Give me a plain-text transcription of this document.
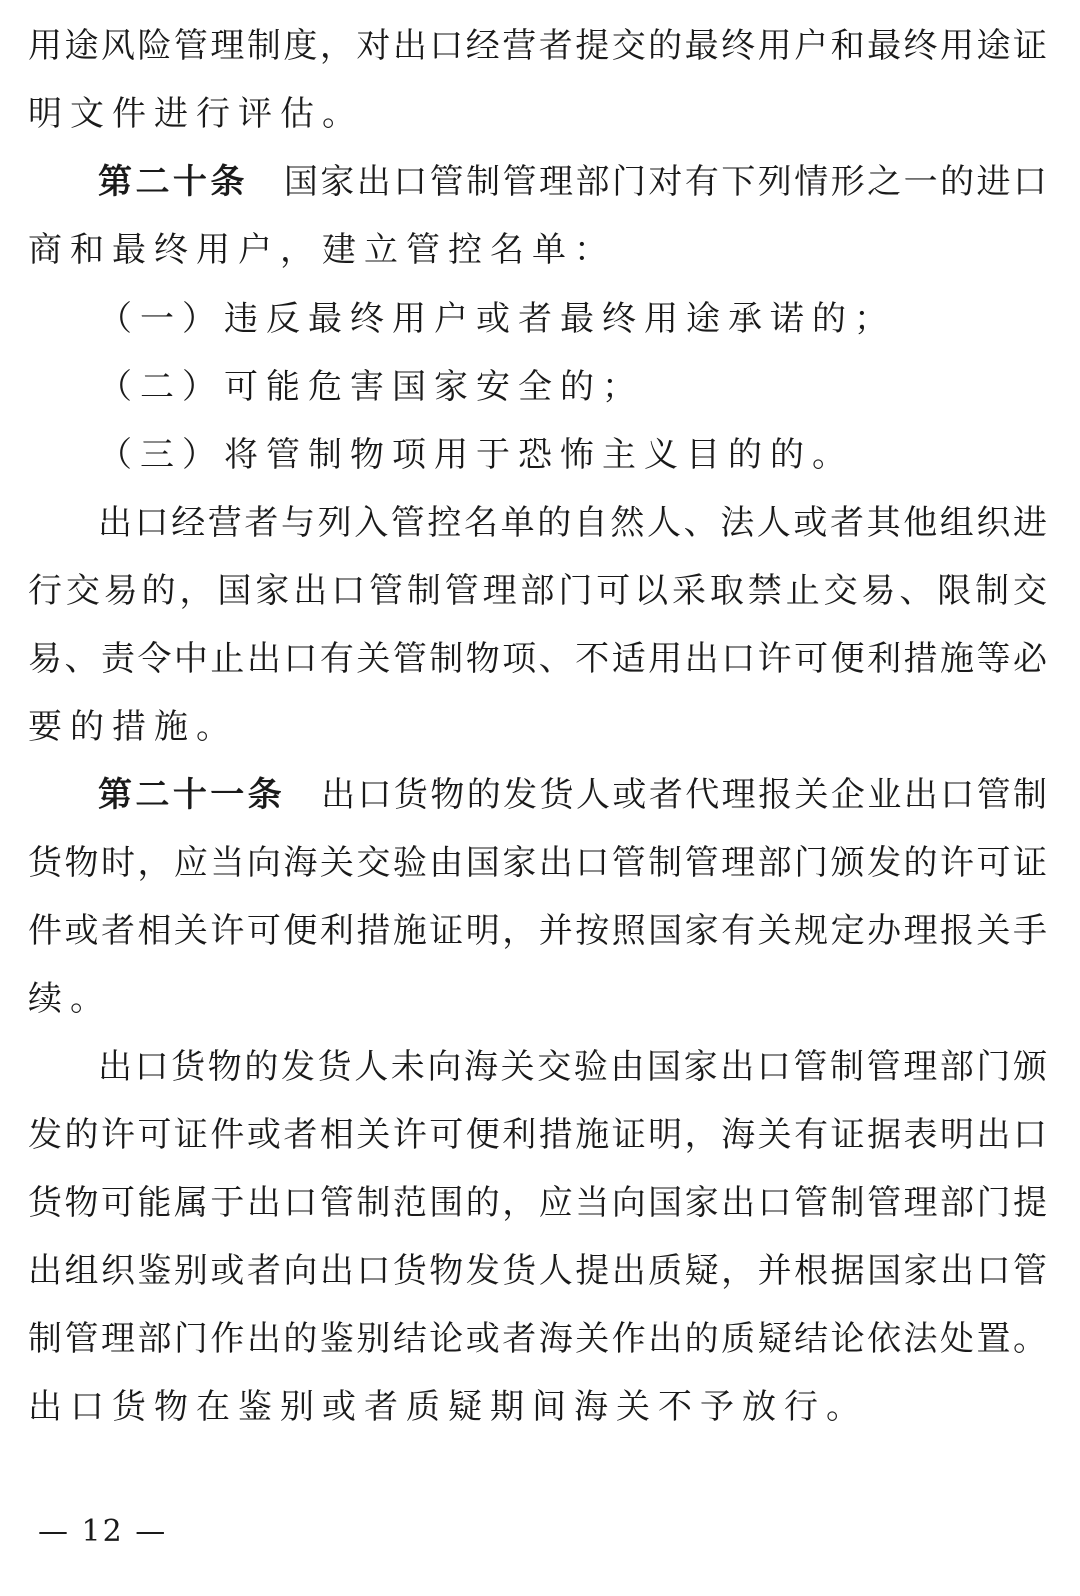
用途风险管理制度，对出口经营者提交的最终用户和最终用途证
明文件进行评估。
第二十条 国家出口管制管理部门对有下列情形之一的进口
商和最终用户，建立管控名单：
（一）违反最终用户或者最终用途承诺的；
（二）可能危害国家安全的；
（三）将管制物项用于恐怖主义目的的。
出口经营者与列入管控名单的自然人、法人或者其他组织进
行交易的，国家出口管制管理部门可以采取禁止交易、限制交
易、责令中止出口有关管制物项、不适用出口许可便利措施等必
要的措施。
第二十一条 出口货物的发货人或者代理报关企业出口管制
货物时，应当向海关交验由国家出口管制管理部门颁发的许可证
件或者相关许可便利措施证明，并按照国家有关规定办理报关手
续。
出口货物的发货人未向海关交验由国家出口管制管理部门颁
发的许可证件或者相关许可便利措施证明，海关有证据表明出口
货物可能属于出口管制范围的，应当向国家出口管制管理部门提
出组织鉴别或者向出口货物发货人提出质疑，并根据国家出口管
制管理部门作出的鉴别结论或者海关作出的质疑结论依法处置。
出口货物在鉴别或者质疑期间海关不予放行。
— 12 —
